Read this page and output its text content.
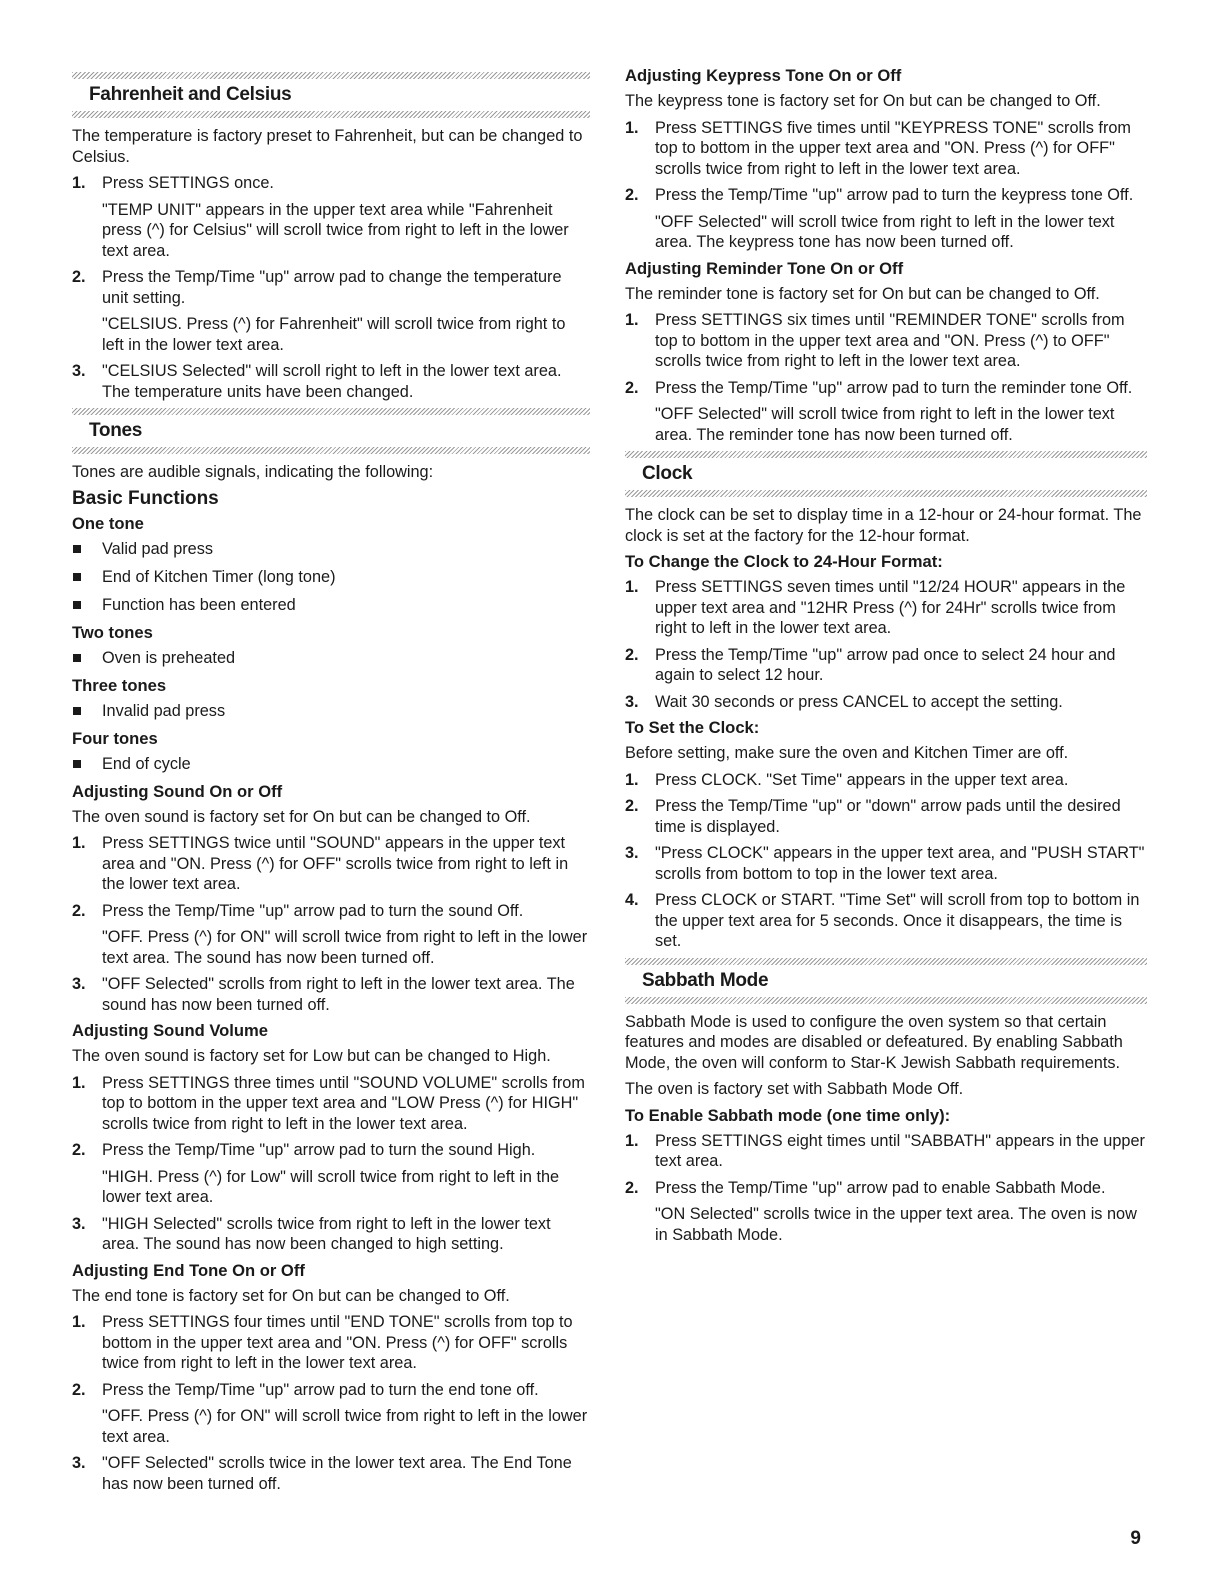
Fahrenheit and Celsius

The temperature is factory preset to Fahrenheit, but can be changed to Celsius.

1. Press SETTINGS once.
"TEMP UNIT" appears in the upper text area while "Fahrenheit press (^) for Celsius" will scroll twice from right to left in the lower text area.
2. Press the Temp/Time "up" arrow pad to change the temperature unit setting.
"CELSIUS. Press (^) for Fahrenheit" will scroll twice from right to left in the lower text area.
3. "CELSIUS Selected" will scroll right to left in the lower text area. The temperature units have been changed.
Tones

Tones are audible signals, indicating the following:

Basic Functions
One tone
Valid pad press
End of Kitchen Timer (long tone)
Function has been entered
Two tones
Oven is preheated
Three tones
Invalid pad press
Four tones
End of cycle
Adjusting Sound On or Off

The oven sound is factory set for On but can be changed to Off.

1. Press SETTINGS twice until "SOUND" appears in the upper text area and "ON. Press (^) for OFF" scrolls twice from right to left in the lower text area.
2. Press the Temp/Time "up" arrow pad to turn the sound Off.
"OFF. Press (^) for ON" will scroll twice from right to left in the lower text area. The sound has now been turned off.
3. "OFF Selected" scrolls from right to left in the lower text area. The sound has now been turned off.
Adjusting Sound Volume

The oven sound is factory set for Low but can be changed to High.

1. Press SETTINGS three times until "SOUND VOLUME" scrolls from top to bottom in the upper text area and "LOW Press (^) for HIGH" scrolls twice from right to left in the lower text area.
2. Press the Temp/Time "up" arrow pad to turn the sound High.
"HIGH. Press (^) for Low" will scroll twice from right to left in the lower text area.
3. "HIGH Selected" scrolls twice from right to left in the lower text area. The sound has now been changed to high setting.
Adjusting End Tone On or Off

The end tone is factory set for On but can be changed to Off.

1. Press SETTINGS four times until "END TONE" scrolls from top to bottom in the upper text area and "ON. Press (^) for OFF" scrolls twice from right to left in the lower text area.
2. Press the Temp/Time "up" arrow pad to turn the end tone off.
"OFF. Press (^) for ON" will scroll twice from right to left in the lower text area.
3. "OFF Selected" scrolls twice in the lower text area. The End Tone has now been turned off.
Adjusting Keypress Tone On or Off

The keypress tone is factory set for On but can be changed to Off.

1. Press SETTINGS five times until "KEYPRESS TONE" scrolls from top to bottom in the upper text area and "ON. Press (^) for OFF" scrolls twice from right to left in the lower text area.
2. Press the Temp/Time "up" arrow pad to turn the keypress tone Off.
"OFF Selected" will scroll twice from right to left in the lower text area. The keypress tone has now been turned off.
Adjusting Reminder Tone On or Off

The reminder tone is factory set for On but can be changed to Off.

1. Press SETTINGS six times until "REMINDER TONE" scrolls from top to bottom in the upper text area and "ON. Press (^) to OFF" scrolls twice from right to left in the lower text area.
2. Press the Temp/Time "up" arrow pad to turn the reminder tone Off.
"OFF Selected" will scroll twice from right to left in the lower text area. The reminder tone has now been turned off.
Clock

The clock can be set to display time in a 12-hour or 24-hour format. The clock is set at the factory for the 12-hour format.

To Change the Clock to 24-Hour Format:
1. Press SETTINGS seven times until "12/24 HOUR" appears in the upper text area and "12HR Press (^) for 24Hr" scrolls twice from right to left in the lower text area.
2. Press the Temp/Time "up" arrow pad once to select 24 hour and again to select 12 hour.
3. Wait 30 seconds or press CANCEL to accept the setting.
To Set the Clock:

Before setting, make sure the oven and Kitchen Timer are off.

1. Press CLOCK. "Set Time" appears in the upper text area.
2. Press the Temp/Time "up" or "down" arrow pads until the desired time is displayed.
3. "Press CLOCK" appears in the upper text area, and "PUSH START" scrolls from bottom to top in the lower text area.
4. Press CLOCK or START. "Time Set" will scroll from top to bottom in the upper text area for 5 seconds. Once it disappears, the time is set.
Sabbath Mode

Sabbath Mode is used to configure the oven system so that certain features and modes are disabled or defeatured. By enabling Sabbath Mode, the oven will conform to Star-K Jewish Sabbath requirements.

The oven is factory set with Sabbath Mode Off.

To Enable Sabbath mode (one time only):
1. Press SETTINGS eight times until "SABBATH" appears in the upper text area.
2. Press the Temp/Time "up" arrow pad to enable Sabbath Mode.
"ON Selected" scrolls twice in the upper text area. The oven is now in Sabbath Mode.
9
